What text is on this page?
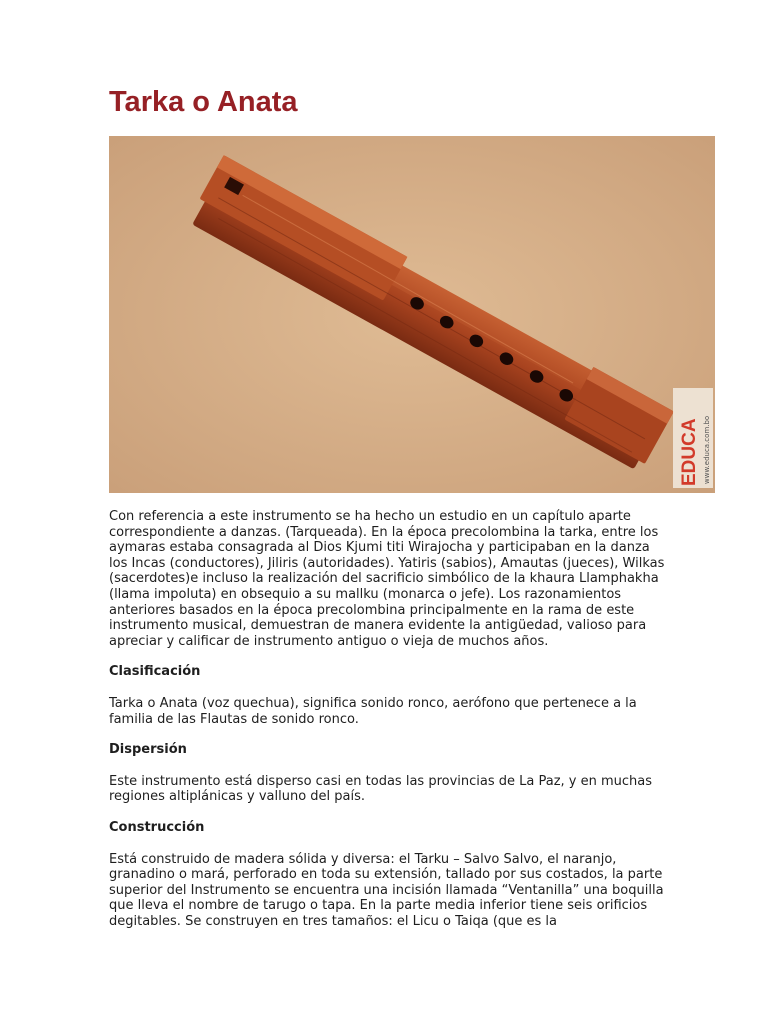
Tarka o Anata
EDUCA www.educa.com.bo

Con referencia a este instrumento se ha hecho un estudio en un capítulo aparte correspondiente a danzas. (Tarqueada). En la época precolombina la tarka, entre los aymaras estaba consagrada al Dios Kjumi titi Wirajocha y participaban en la danza los Incas (conductores), Jiliris (autoridades). Yatiris (sabios), Amautas (jueces), Wilkas (sacerdotes)e incluso la realización del sacrificio simbólico de la khaura Llamphakha (llama impoluta) en obsequio a su mallku (monarca o jefe). Los razonamientos anteriores basados en la época precolombina principalmente en la rama de este instrumento musical, demuestran de manera evidente la antigüedad, valioso para apreciar y calificar de instrumento antiguo o vieja de muchos años.

Clasificación

Tarka o Anata (voz quechua), significa sonido ronco, aerófono que pertenece a la familia de las Flautas de sonido ronco.

Dispersión

Este instrumento está disperso casi en todas las provincias de La Paz, y en muchas regiones altiplánicas y valluno del país.

Construcción

Está construido de madera sólida y diversa: el Tarku – Salvo Salvo, el naranjo, granadino o mará, perforado en toda su extensión, tallado por sus costados, la parte superior del Instrumento se encuentra una incisión llamada “Ventanilla” una boquilla que lleva el nombre de tarugo o tapa. En la parte media inferior tiene seis orificios degitables. Se construyen en tres tamaños: el Licu o Taiqa (que es la
